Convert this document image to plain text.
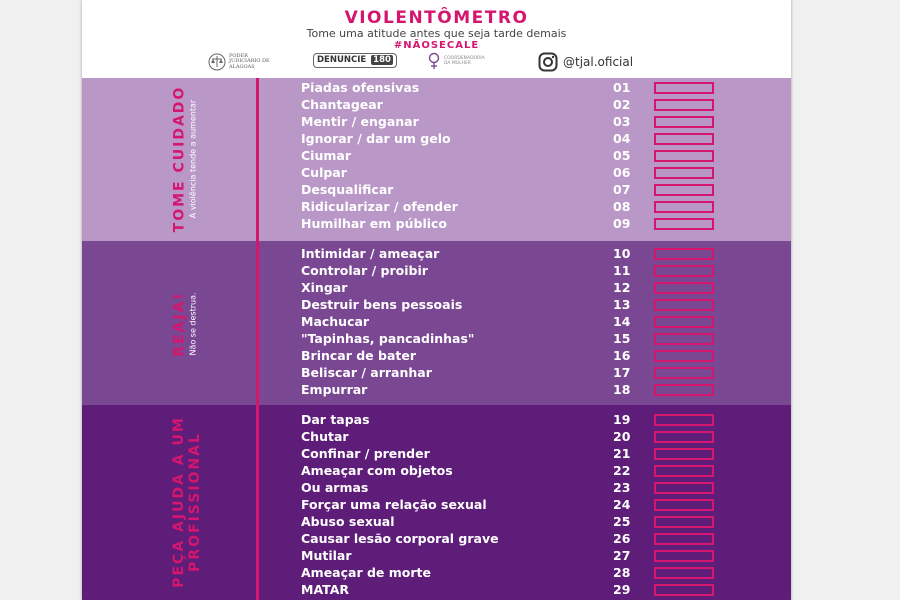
VIOLENTÔMETRO
Tome uma atitude antes que seja tarde demais
#NÃOSECALE
PODER JUDICIÁRIO DE ALAGOAS
DENUNCIE 180	COORDENADORIA DA MULHER	@tjal.oficial
TOME CUIDADO A violência tende a aumentar
REAJA! Não se destrua.
PEÇA AJUDA A UM PROFISSIONAL
Piadas ofensivas	01
Chantagear	02
Mentir / enganar	03
Ignorar / dar um gelo	04
Ciumar	05
Culpar	06
Desqualificar	07
Ridicularizar / ofender	08
Humilhar em público	09
Intimidar / ameaçar	10
Controlar / proibir	11
Xingar	12
Destruir bens pessoais	13
Machucar	14
"Tapinhas, pancadinhas"	15
Brincar de bater	16
Beliscar / arranhar	17
Empurrar	18
Dar tapas	19
Chutar	20
Confinar / prender	21
Ameaçar com objetos	22
Ou armas	23
Forçar uma relação sexual	24
Abuso sexual	25
Causar lesão corporal grave	26
Mutilar	27
Ameaçar de morte	28
MATAR	29
